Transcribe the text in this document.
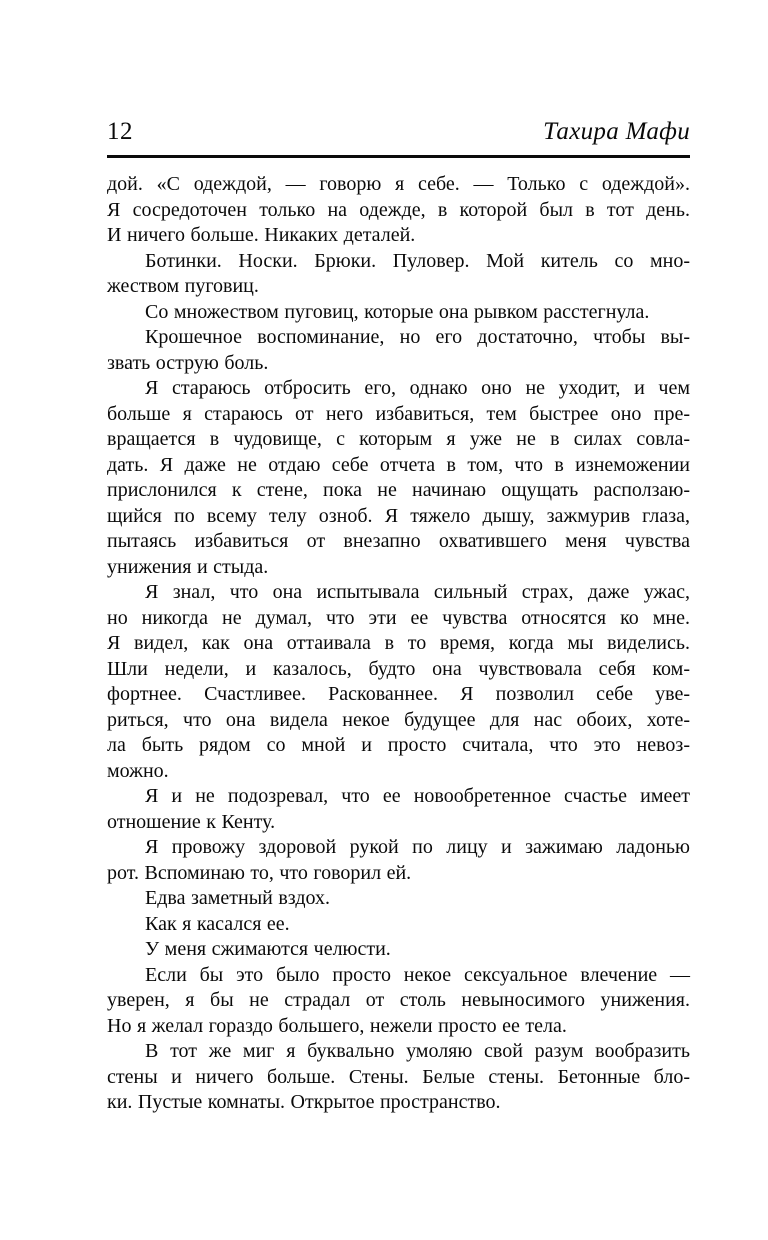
12	Тахира Мафи
дой. «С одеждой, — говорю я себе. — Только с одеждой».
Я сосредоточен только на одежде, в которой был в тот день.
И ничего больше. Никаких деталей.
Ботинки. Носки. Брюки. Пуловер. Мой китель со мно-
жеством пуговиц.
Со множеством пуговиц, которые она рывком расстегнула.
Крошечное воспоминание, но его достаточно, чтобы вы-
звать острую боль.
Я стараюсь отбросить его, однако оно не уходит, и чем
больше я стараюсь от него избавиться, тем быстрее оно пре-
вращается в чудовище, с которым я уже не в силах совла-
дать. Я даже не отдаю себе отчета в том, что в изнеможении
прислонился к стене, пока не начинаю ощущать расползаю-
щийся по всему телу озноб. Я тяжело дышу, зажмурив глаза,
пытаясь избавиться от внезапно охватившего меня чувства
унижения и стыда.
Я знал, что она испытывала сильный страх, даже ужас,
но никогда не думал, что эти ее чувства относятся ко мне.
Я видел, как она оттаивала в то время, когда мы виделись.
Шли недели, и казалось, будто она чувствовала себя ком-
фортнее. Счастливее. Раскованнее. Я позволил себе уве-
риться, что она видела некое будущее для нас обоих, хоте-
ла быть рядом со мной и просто считала, что это невоз-
можно.
Я и не подозревал, что ее новообретенное счастье имеет
отношение к Кенту.
Я провожу здоровой рукой по лицу и зажимаю ладонью
рот. Вспоминаю то, что говорил ей.
Едва заметный вздох.
Как я касался ее.
У меня сжимаются челюсти.
Если бы это было просто некое сексуальное влечение —
уверен, я бы не страдал от столь невыносимого унижения.
Но я желал гораздо большего, нежели просто ее тела.
В тот же миг я буквально умоляю свой разум вообразить
стены и ничего больше. Стены. Белые стены. Бетонные бло-
ки. Пустые комнаты. Открытое пространство.
